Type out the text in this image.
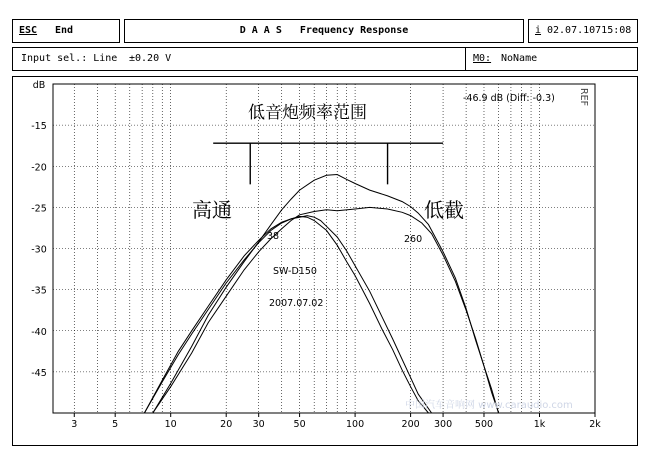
ESC End	D A A S   Frequency Response	i 02.07.10715:08
Input sel.: Line ±0.20 V	M0: NoName
3	5	10	20 30	50	100	200 300 500	1k	2k
dB
-15
-20
-25
-30
-35
-40
-45
-46.9 dB (Diff: -0.3) REF
低音炮频率范围
高通	低截
38	260
SW-D150
2007.07.02
中国汽车音响网 www.caraudio.com
